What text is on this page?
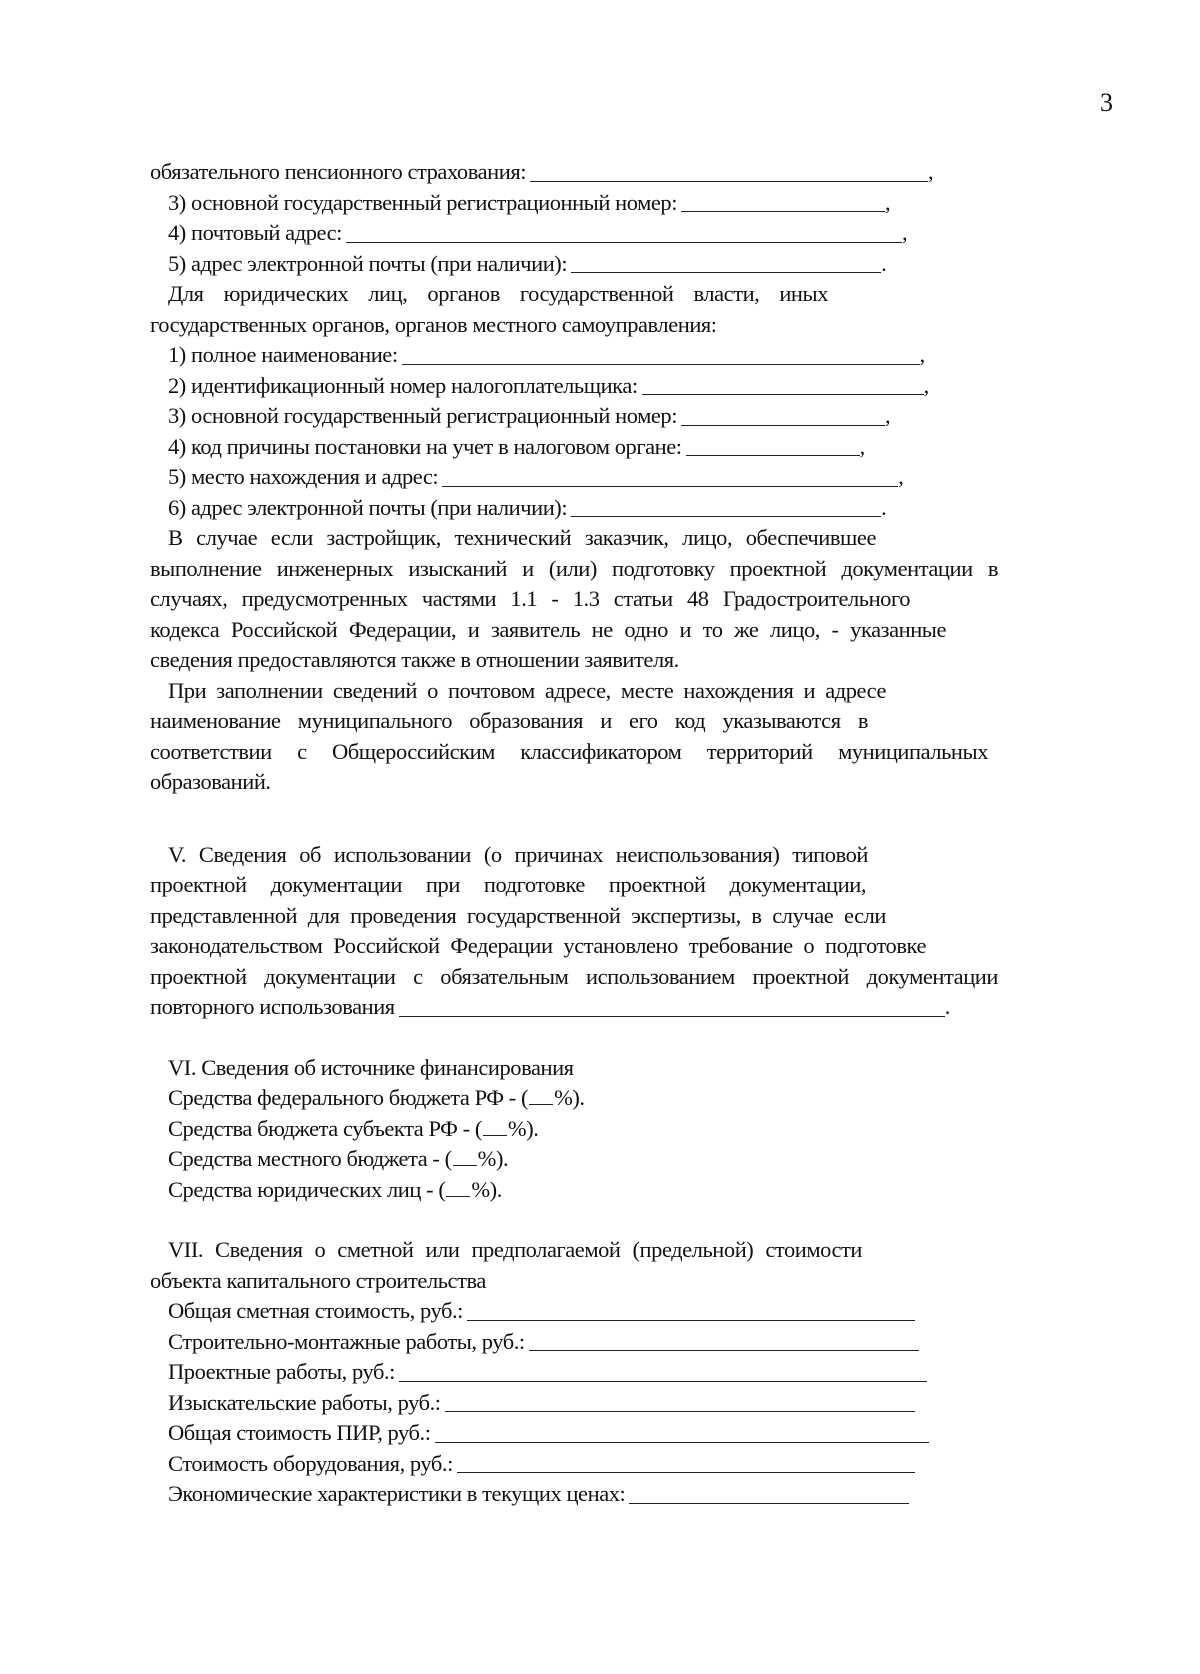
3
обязательного пенсионного страхования:	,
3) основной государственный регистрационный номер:	,
4) почтовый адрес:	,
5) адрес электронной почты (при наличии):	.
Для юридических лиц, органов государственной власти, иных
государственных органов, органов местного самоуправления:
1) полное наименование:	,
2) идентификационный номер налогоплательщика:	,
3) основной государственный регистрационный номер:	,
4) код причины постановки на учет в налоговом органе:	,
5) место нахождения и адрес:	,
6) адрес электронной почты (при наличии):	.
В случае если застройщик, технический заказчик, лицо, обеспечившее
выполнение инженерных изысканий и (или) подготовку проектной документации в
случаях, предусмотренных частями 1.1 - 1.3 статьи 48 Градостроительного
кодекса Российской Федерации, и заявитель не одно и то же лицо, - указанные
сведения предоставляются также в отношении заявителя.
При заполнении сведений о почтовом адресе, месте нахождения и адресе
наименование муниципального образования и его код указываются в
соответствии с Общероссийским классификатором территорий муниципальных
образований.
V. Сведения об использовании (о причинах неиспользования) типовой
проектной документации при подготовке проектной документации,
представленной для проведения государственной экспертизы, в случае если
законодательством Российской Федерации установлено требование о подготовке
проектной документации с обязательным использованием проектной документации
повторного использования	.
VI. Сведения об источнике финансирования
Средства федерального бюджета РФ - ( %).
Средства бюджета субъекта РФ - ( %).
Средства местного бюджета - ( %).
Средства юридических лиц - ( %).
VII. Сведения о сметной или предполагаемой (предельной) стоимости
объекта капитального строительства
Общая сметная стоимость, руб.:
Строительно-монтажные работы, руб.:
Проектные работы, руб.:
Изыскательские работы, руб.:
Общая стоимость ПИР, руб.:
Стоимость оборудования, руб.:
Экономические характеристики в текущих ценах:
